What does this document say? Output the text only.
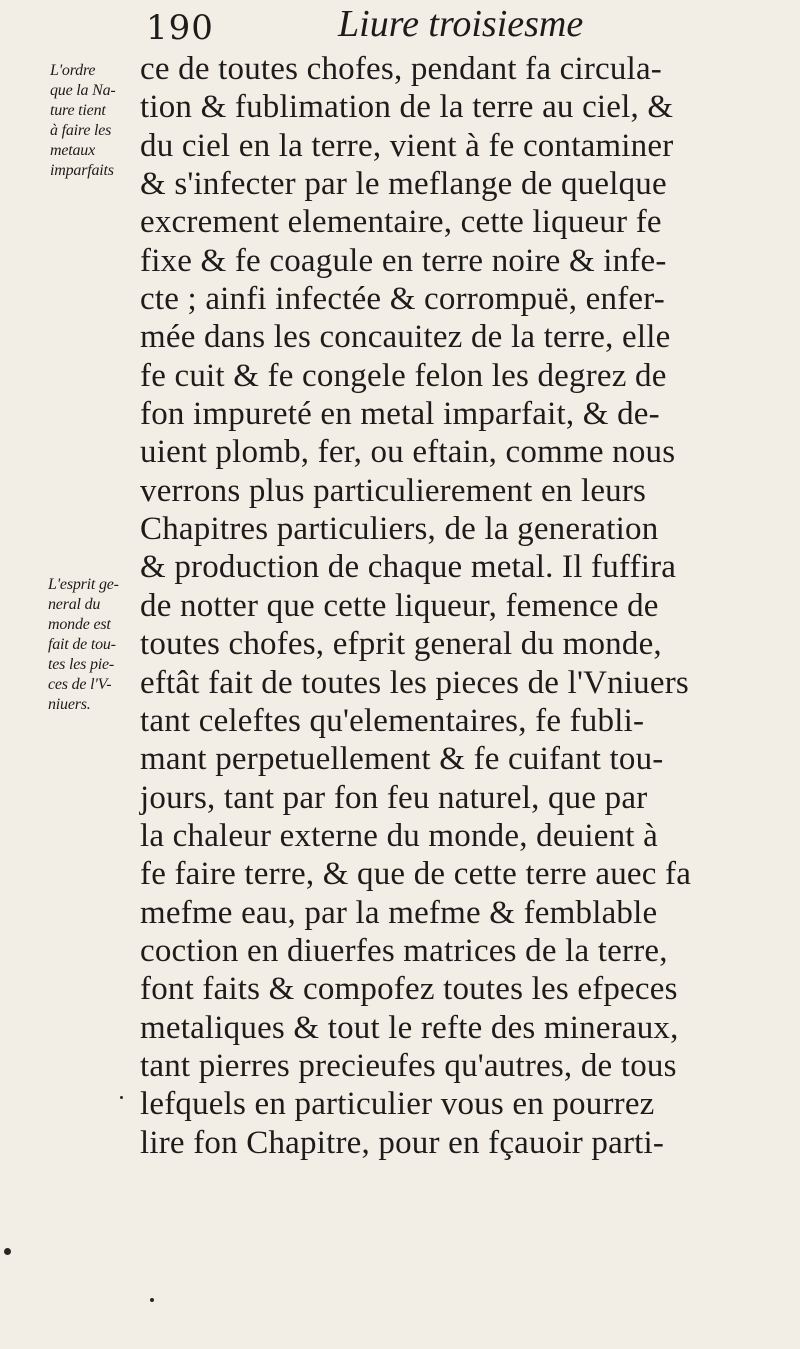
190	Liure troisiesme
L'ordre
que la Na-
ture tient
à faire les
metaux
imparfaits
L'esprit ge-
neral du
monde est
fait de tou-
tes les pie-
ces de l'V-
niuers.
ce de toutes chofes, pendant fa circula-
tion & fublimation de la terre au ciel, &
du ciel en la terre, vient à fe contaminer
& s'infecter par le meflange de quelque
excrement elementaire, cette liqueur fe
fixe & fe coagule en terre noire & infe-
cte ; ainfi infectée & corrompuë, enfer-
mée dans les concauitez de la terre, elle
fe cuit & fe congele felon les degrez de
fon impureté en metal imparfait, & de-
uient plomb, fer, ou eftain, comme nous
verrons plus particulierement en leurs
Chapitres particuliers, de la generation
& production de chaque metal. Il fuffira
de notter que cette liqueur, femence de
toutes chofes, efprit general du monde,
eftât fait de toutes les pieces de l'Vniuers
tant celeftes qu'elementaires, fe fubli-
mant perpetuellement & fe cuifant tou-
jours, tant par fon feu naturel, que par
la chaleur externe du monde, deuient à
fe faire terre, & que de cette terre auec fa
mefme eau, par la mefme & femblable
coction en diuerfes matrices de la terre,
font faits & compofez toutes les efpeces
metaliques & tout le refte des mineraux,
tant pierres precieufes qu'autres, de tous
lefquels en particulier vous en pourrez
lire fon Chapitre, pour en fçauoir parti-
